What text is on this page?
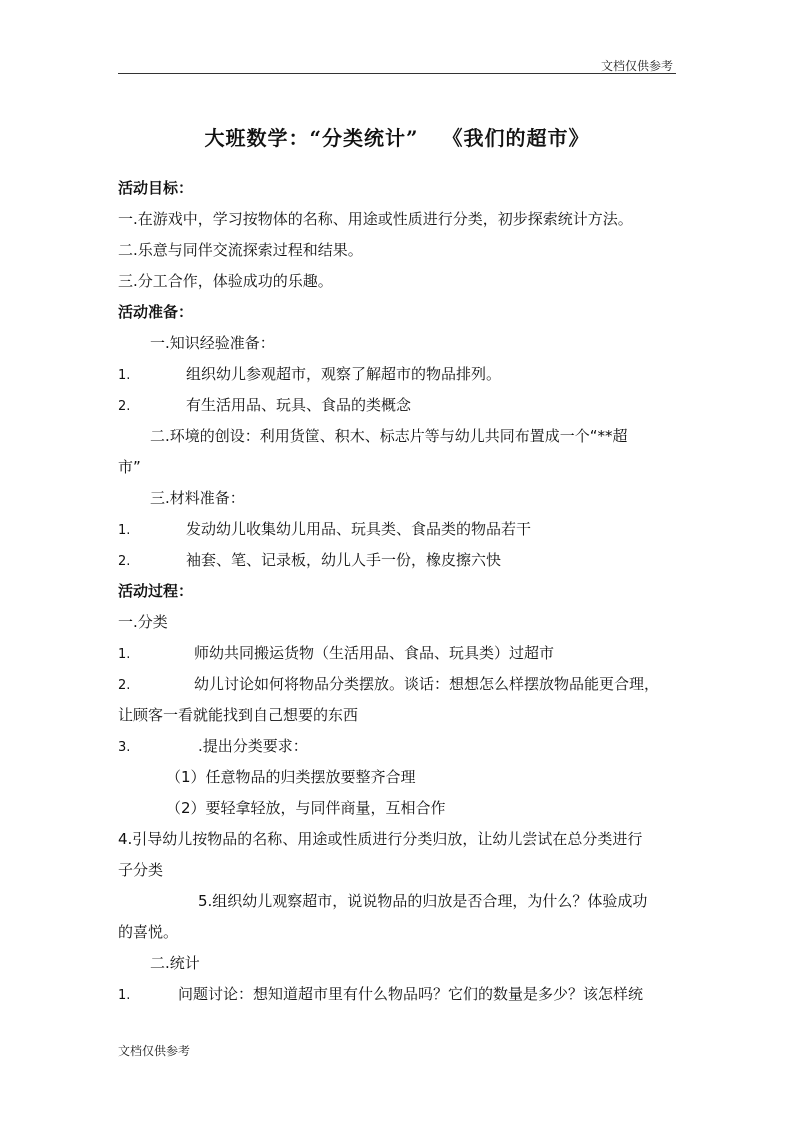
文档仅供参考
大班数学：“分类统计” 《我们的超市》
活动目标：
一.在游戏中，学习按物体的名称、用途或性质进行分类，初步探索统计方法。
二.乐意与同伴交流探索过程和结果。
三.分工合作，体验成功的乐趣。
活动准备：
一.知识经验准备：
1.	组织幼儿参观超市，观察了解超市的物品排列。
2.	有生活用品、玩具、食品的类概念
二.环境的创设：利用货筐、积木、标志片等与幼儿共同布置成一个“**超
市”
三.材料准备：
1.	发动幼儿收集幼儿用品、玩具类、食品类的物品若干
2.	袖套、笔、记录板，幼儿人手一份，橡皮擦六快
活动过程：
一.分类
1.	师幼共同搬运货物（生活用品、食品、玩具类）过超市
2.	幼儿讨论如何将物品分类摆放。谈话：想想怎么样摆放物品能更合理，
让顾客一看就能找到自己想要的东西
3.	.提出分类要求：
（1）任意物品的归类摆放要整齐合理
（2）要轻拿轻放，与同伴商量，互相合作
4.引导幼儿按物品的名称、用途或性质进行分类归放，让幼儿尝试在总分类进行
子分类
5.组织幼儿观察超市，说说物品的归放是否合理，为什么？体验成功
的喜悦。
二.统计
1.	问题讨论：想知道超市里有什么物品吗？它们的数量是多少？该怎样统
文档仅供参考
